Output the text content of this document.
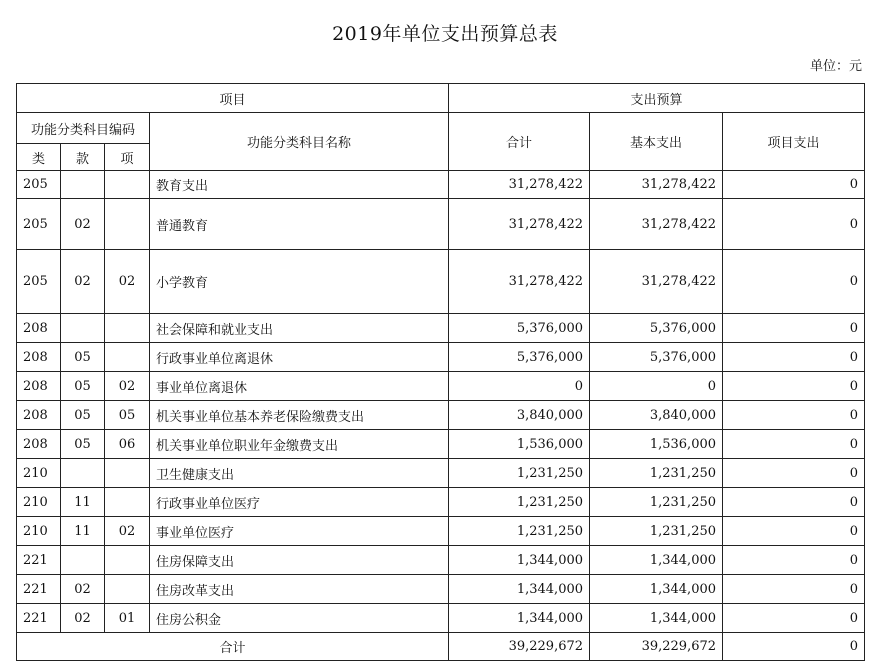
2019年单位支出预算总表
单位：元
项目				支出预算		
功能分类科目编码			功能分类科目名称	合计	基本支出	项目支出
类	款	项				
205			教育支出	31,278,422	31,278,422	0
205	02		普通教育	31,278,422	31,278,422	0
205	02	02	小学教育	31,278,422	31,278,422	0
208			社会保障和就业支出	5,376,000	5,376,000	0
208	05		行政事业单位离退休	5,376,000	5,376,000	0
208	05	02	事业单位离退休	0	0	0
208	05	05	机关事业单位基本养老保险缴费支出	3,840,000	3,840,000	0
208	05	06	机关事业单位职业年金缴费支出	1,536,000	1,536,000	0
210			卫生健康支出	1,231,250	1,231,250	0
210	11		行政事业单位医疗	1,231,250	1,231,250	0
210	11	02	事业单位医疗	1,231,250	1,231,250	0
221			住房保障支出	1,344,000	1,344,000	0
221	02		住房改革支出	1,344,000	1,344,000	0
221	02	01	住房公积金	1,344,000	1,344,000	0
合计				39,229,672	39,229,672	0
